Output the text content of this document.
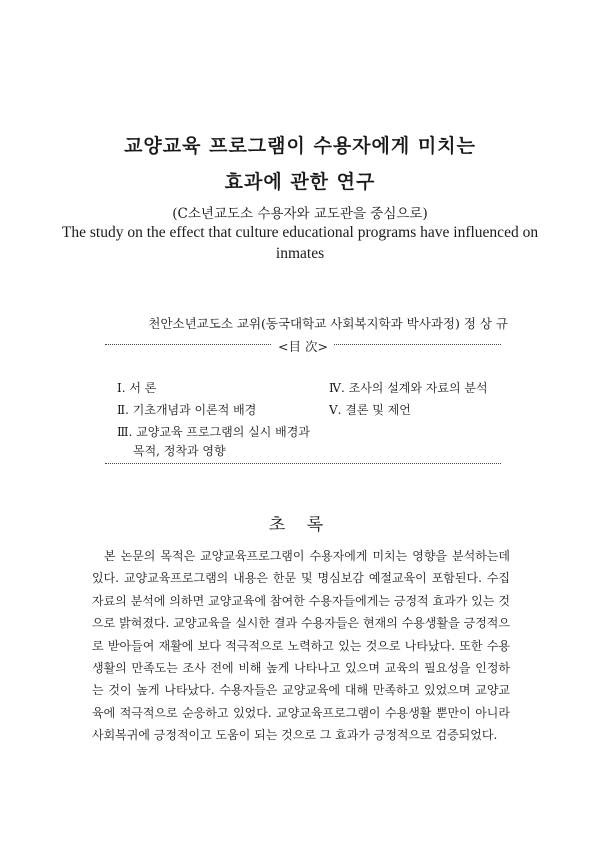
교양교육 프로그램이 수용자에게 미치는
효과에 관한 연구
(C소년교도소 수용자와 교도관을 중심으로)
The study on the effect that culture educational programs have influenced on inmates
천안소년교도소 교위(동국대학교 사회복지학과 박사과정) 정 상 규
<目 次>
Ⅰ. 서 론
Ⅱ. 기초개념과 이론적 배경
Ⅲ. 교양교육 프로그램의 실시 배경과
목적, 정착과 영향
Ⅳ. 조사의 설계와 자료의 분석
Ⅴ. 결론 및 제언
초 록

본 논문의 목적은 교양교육프로그램이 수용자에게 미치는 영향을 분석하는데 있다. 교양교육프로그램의 내용은 한문 및 명심보감 예절교육이 포함된다. 수집 자료의 분석에 의하면 교양교육에 참여한 수용자들에게는 긍정적 효과가 있는 것으로 밝혀졌다. 교양교육을 실시한 결과 수용자들은 현재의 수용생활을 긍정적으로 받아들여 재활에 보다 적극적으로 노력하고 있는 것으로 나타났다. 또한 수용생활의 만족도는 조사 전에 비해 높게 나타나고 있으며 교육의 필요성을 인정하는 것이 높게 나타났다. 수용자들은 교양교육에 대해 만족하고 있었으며 교양교육에 적극적으로 순응하고 있었다. 교양교육프로그램이 수용생활 뿐만이 아니라 사회복귀에 긍정적이고 도움이 되는 것으로 그 효과가 긍정적으로 검증되었다.
